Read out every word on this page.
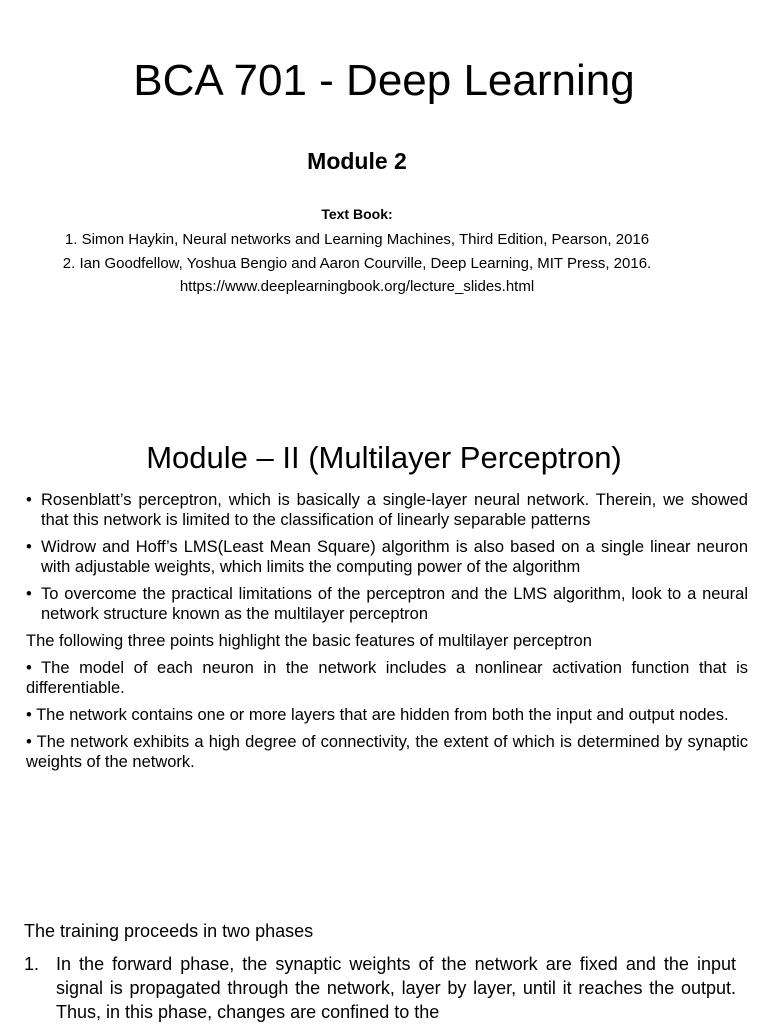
BCA 701 - Deep Learning
Module 2
Text Book:
1. Simon Haykin, Neural networks and Learning Machines, Third Edition, Pearson, 2016
2. Ian Goodfellow, Yoshua Bengio and Aaron Courville, Deep Learning, MIT Press, 2016.
https://www.deeplearningbook.org/lecture_slides.html
Module – II (Multilayer Perceptron)
• Rosenblatt’s perceptron, which is basically a single-layer neural network. Therein, we showed that this network is limited to the classification of linearly separable patterns
• Widrow and Hoff’s LMS(Least Mean Square) algorithm is also based on a single linear neuron with adjustable weights, which limits the computing power of the algorithm
• To overcome the practical limitations of the perceptron and the LMS algorithm, look to a neural network structure known as the multilayer perceptron
The following three points highlight the basic features of multilayer perceptron
• The model of each neuron in the network includes a nonlinear activation function that is differentiable.
• The network contains one or more layers that are hidden from both the input and output nodes.
• The network exhibits a high degree of connectivity, the extent of which is determined by synaptic weights of the network.
The training proceeds in two phases
1. In the forward phase, the synaptic weights of the network are fixed and the input signal is propagated through the network, layer by layer, until it reaches the output. Thus, in this phase, changes are confined to the
